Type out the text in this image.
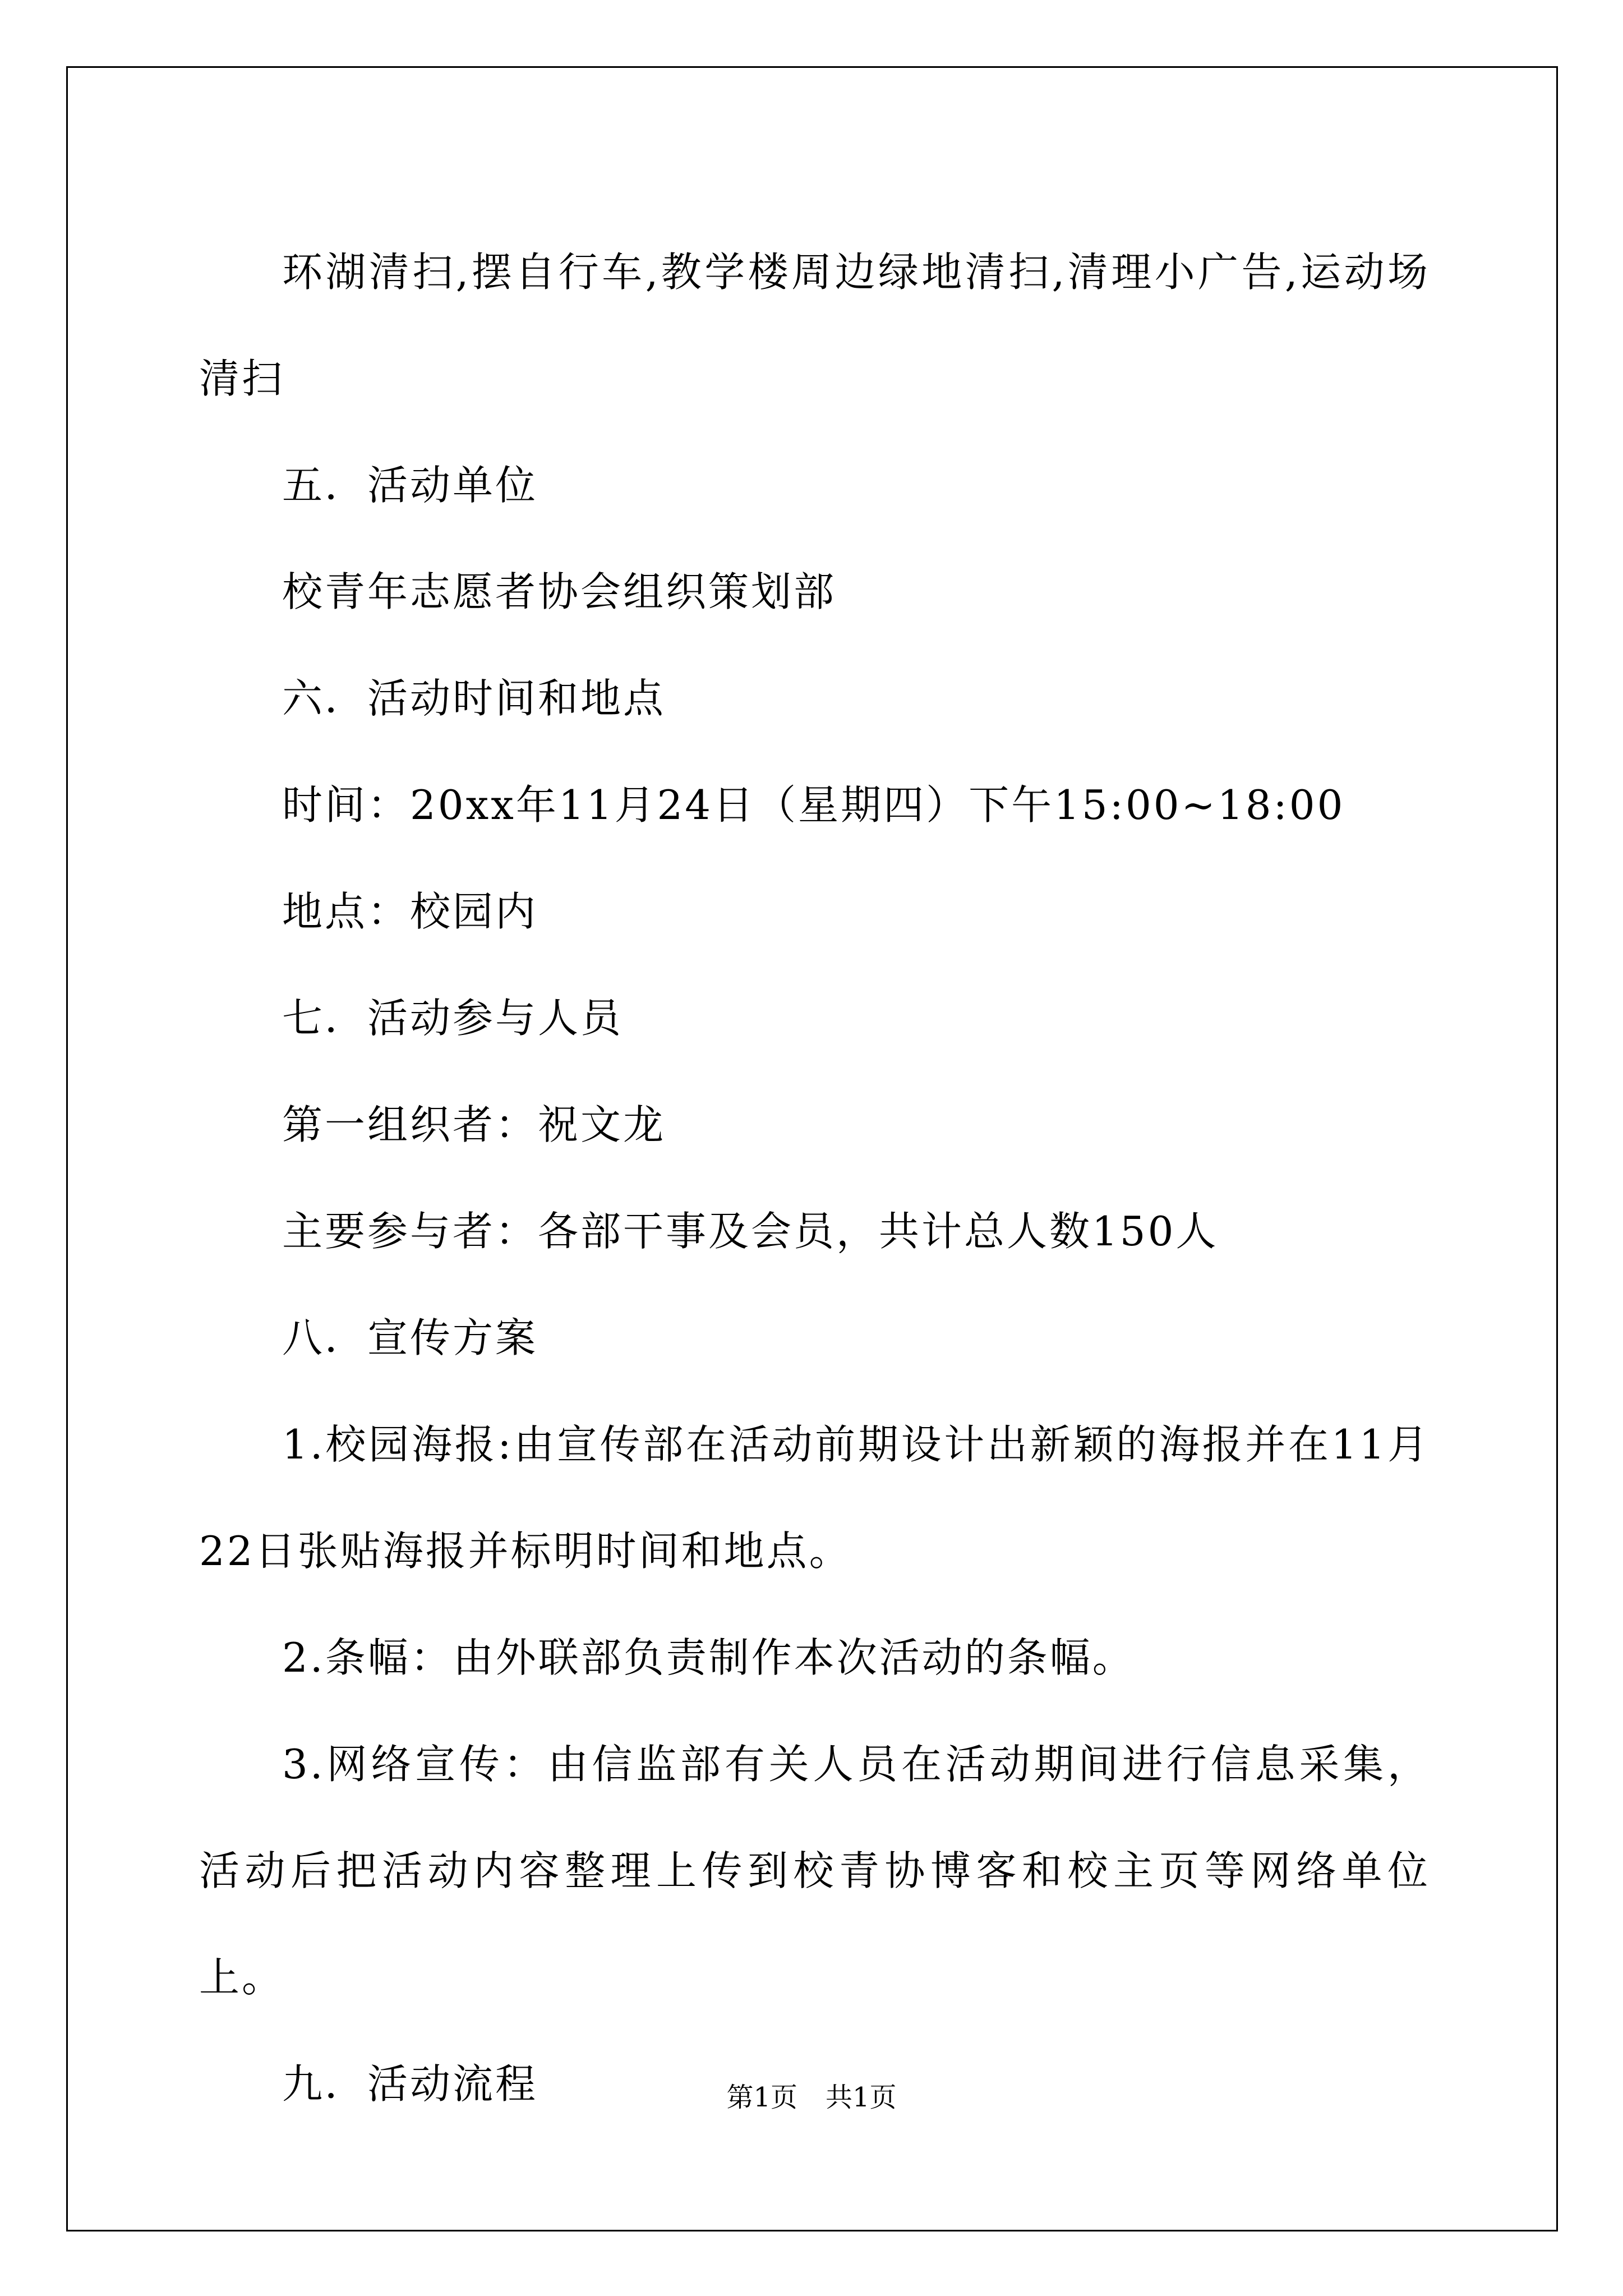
环湖清扫,摆自行车,教学楼周边绿地清扫,清理小广告,运动场清扫

五．活动单位

校青年志愿者协会组织策划部

六．活动时间和地点

时间：20xx年11月24日（星期四）下午15:00~18:00

地点：校园内

七．活动参与人员

第一组织者：祝文龙

主要参与者：各部干事及会员，共计总人数150人

八．宣传方案

1.校园海报:由宣传部在活动前期设计出新颖的海报并在11月22日张贴海报并标明时间和地点。

2.条幅：由外联部负责制作本次活动的条幅。

3.网络宣传：由信监部有关人员在活动期间进行信息采集，活动后把活动内容整理上传到校青协博客和校主页等网络单位上。

九．活动流程	第1页 共1页
